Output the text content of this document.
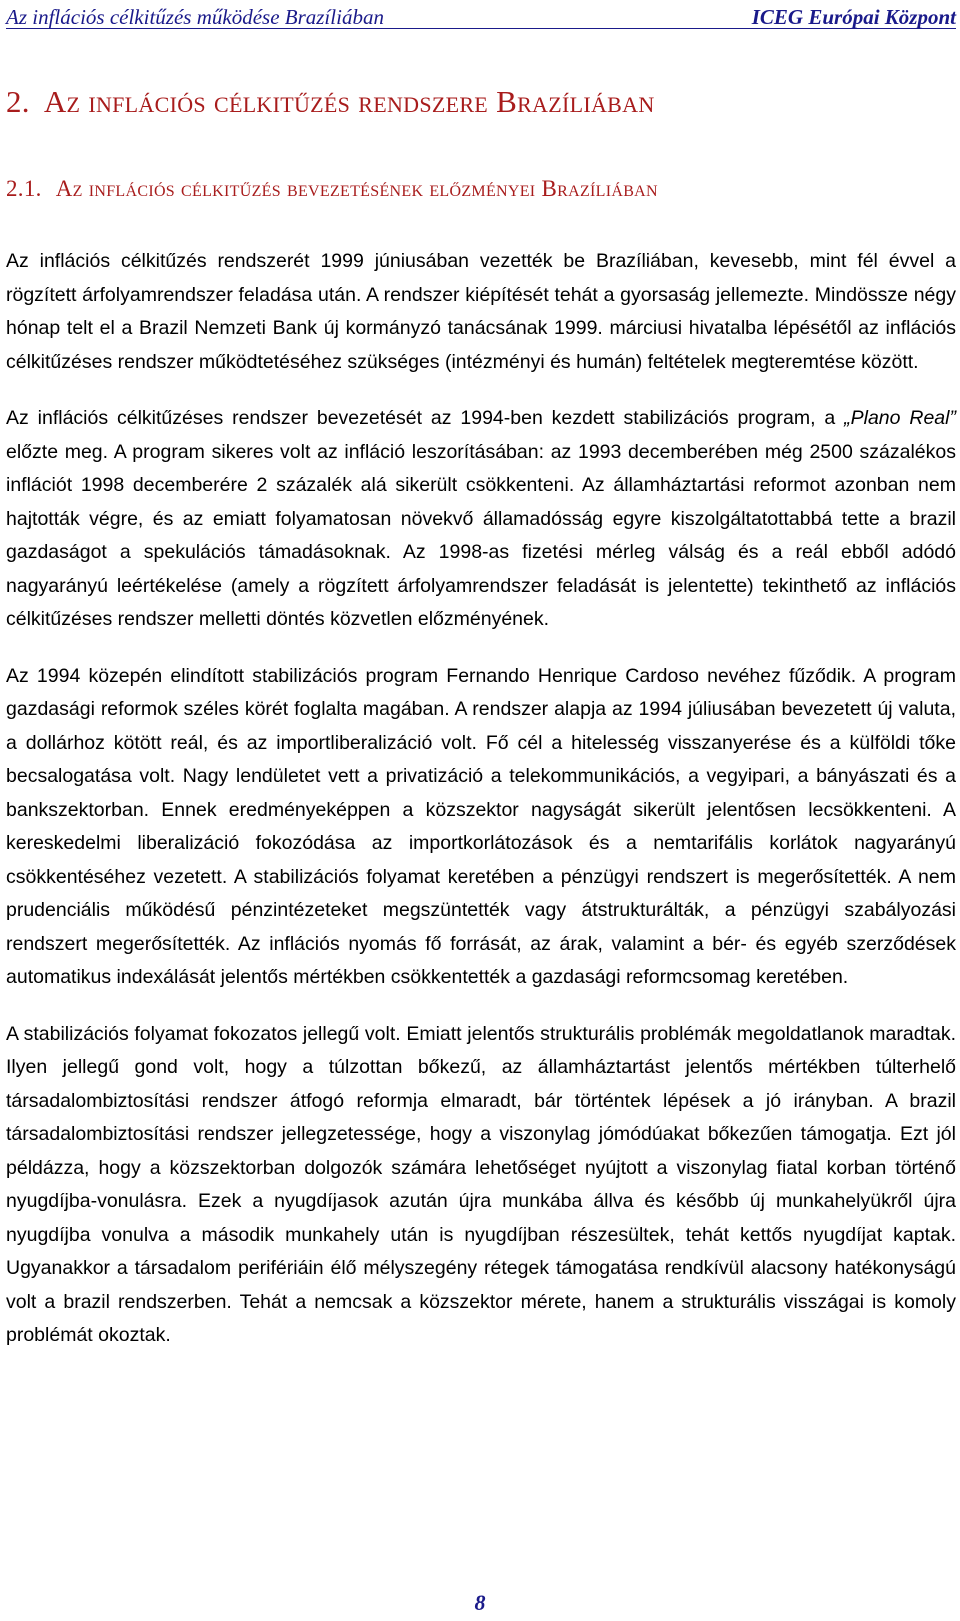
Az inflációs célkitűzés működése Brazíliában	ICEG Európai Központ
2. Az inflációs célkitűzés rendszere Brazíliában
2.1. Az inflációs célkitűzés bevezetésének előzményei Brazíliában

Az inflációs célkitűzés rendszerét 1999 júniusában vezették be Brazíliában, kevesebb, mint fél évvel a rögzített árfolyamrendszer feladása után. A rendszer kiépítését tehát a gyorsaság jellemezte. Mindössze négy hónap telt el a Brazil Nemzeti Bank új kormányzó tanácsának 1999. márciusi hivatalba lépésétől az inflációs célkitűzéses rendszer működtetéséhez szükséges (intézményi és humán) feltételek megteremtése között.

Az inflációs célkitűzéses rendszer bevezetését az 1994-ben kezdett stabilizációs program, a „Plano Real” előzte meg. A program sikeres volt az infláció leszorításában: az 1993 decemberében még 2500 százalékos inflációt 1998 decemberére 2 százalék alá sikerült csökkenteni. Az államháztartási reformot azonban nem hajtották végre, és az emiatt folyamatosan növekvő államadósság egyre kiszolgáltatottabbá tette a brazil gazdaságot a spekulációs támadásoknak. Az 1998-as fizetési mérleg válság és a reál ebből adódó nagyarányú leértékelése (amely a rögzített árfolyamrendszer feladását is jelentette) tekinthető az inflációs célkitűzéses rendszer melletti döntés közvetlen előzményének.

Az 1994 közepén elindított stabilizációs program Fernando Henrique Cardoso nevéhez fűződik. A program gazdasági reformok széles körét foglalta magában. A rendszer alapja az 1994 júliusában bevezetett új valuta, a dollárhoz kötött reál, és az importliberalizáció volt. Fő cél a hitelesség visszanyerése és a külföldi tőke becsalogatása volt. Nagy lendületet vett a privatizáció a telekommunikációs, a vegyipari, a bányászati és a bankszektorban. Ennek eredményeképpen a közszektor nagyságát sikerült jelentősen lecsökkenteni. A kereskedelmi liberalizáció fokozódása az importkorlátozások és a nemtarifális korlátok nagyarányú csökkentéséhez vezetett. A stabilizációs folyamat keretében a pénzügyi rendszert is megerősítették. A nem prudenciális működésű pénzintézeteket megszüntették vagy átstrukturálták, a pénzügyi szabályozási rendszert megerősítették. Az inflációs nyomás fő forrását, az árak, valamint a bér- és egyéb szerződések automatikus indexálását jelentős mértékben csökkentették a gazdasági reformcsomag keretében.

A stabilizációs folyamat fokozatos jellegű volt. Emiatt jelentős strukturális problémák megoldatlanok maradtak. Ilyen jellegű gond volt, hogy a túlzottan bőkezű, az államháztartást jelentős mértékben túlterhelő társadalombiztosítási rendszer átfogó reformja elmaradt, bár történtek lépések a jó irányban. A brazil társadalombiztosítási rendszer jellegzetessége, hogy a viszonylag jómódúakat bőkezűen támogatja. Ezt jól példázza, hogy a közszektorban dolgozók számára lehetőséget nyújtott a viszonylag fiatal korban történő nyugdíjba-vonulásra. Ezek a nyugdíjasok azután újra munkába állva és később új munkahelyükről újra nyugdíjba vonulva a második munkahely után is nyugdíjban részesültek, tehát kettős nyugdíjat kaptak. Ugyanakkor a társadalom perifériáin élő mélyszegény rétegek támogatása rendkívül alacsony hatékonyságú volt a brazil rendszerben. Tehát a nemcsak a közszektor mérete, hanem a strukturális visszágai is komoly problémát okoztak.

8
